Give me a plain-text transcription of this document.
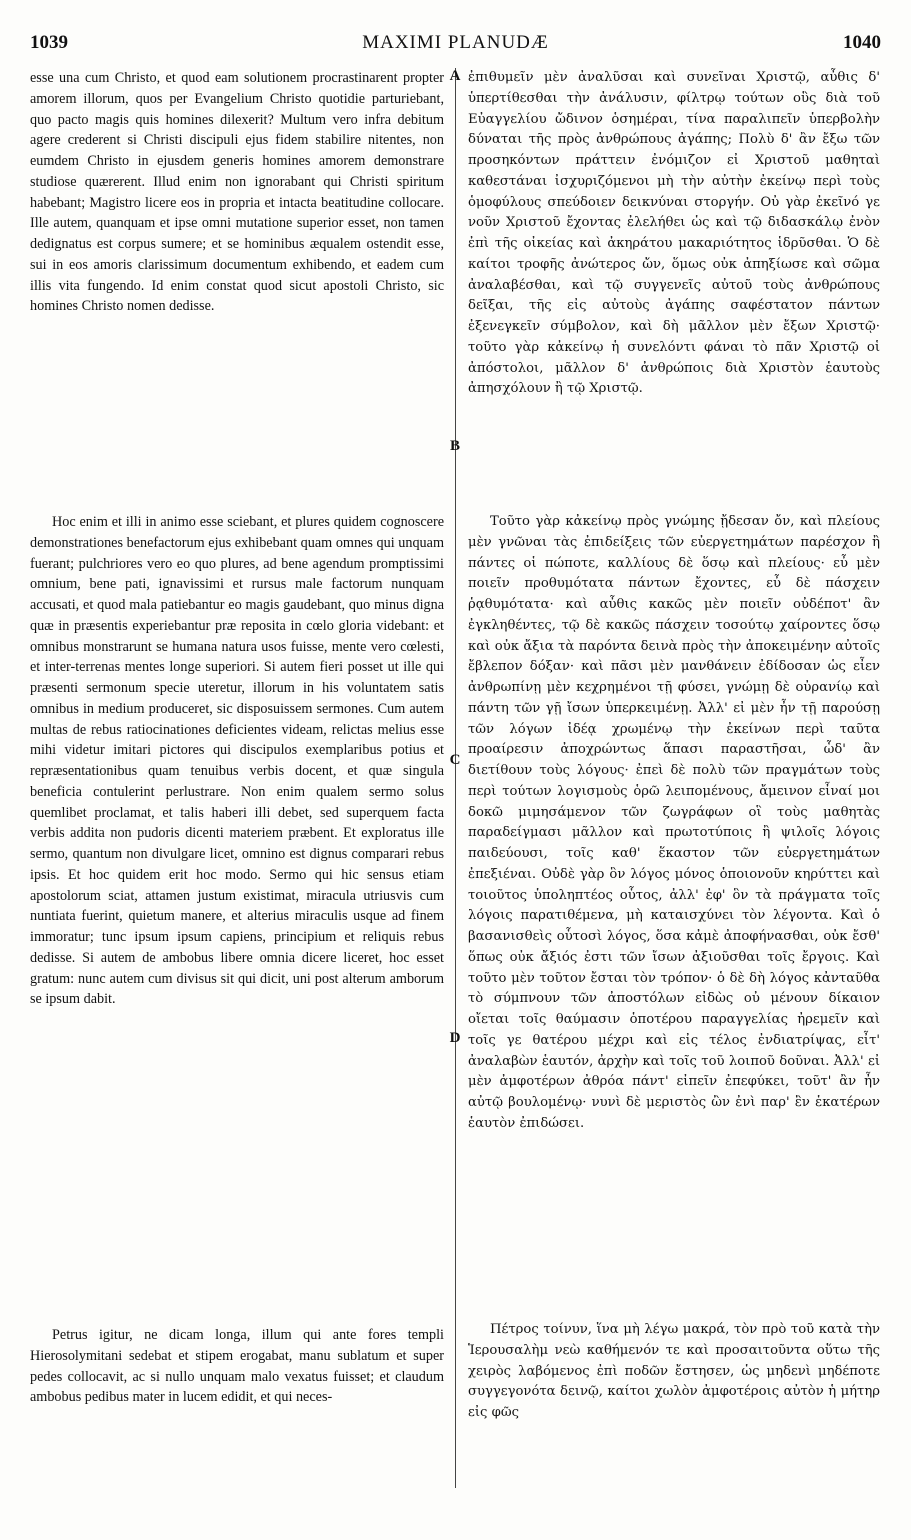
1039	MAXIMI PLANUDÆ	1040

esse una cum Christo, et quod eam solutionem procrastinarent propter amorem illorum, quos per Evangelium Christo quotidie parturiebant, quo pacto magis quis homines dilexerit? Multum vero infra debitum agere crederent si Christi discipuli ejus fidem stabilire nitentes, non eumdem Christo in ejusdem generis homines amorem demonstrare studiose quærerent. Illud enim non ignorabant qui Christi spiritum habebant; Magistro licere eos in propria et intacta beatitudine collocare. Ille autem, quanquam et ipse omni mutatione superior esset, non tamen dedignatus est corpus sumere; et se hominibus æqualem ostendit esse, sui in eos amoris clarissimum documentum exhibendo, et eadem cum illis vita fungendo. Id enim constat quod sicut apostoli Christo, sic homines Christo nomen dedisse.

Hoc enim et illi in animo esse sciebant, et plures quidem cognoscere demonstrationes benefactorum ejus exhibebant quam omnes qui unquam fuerant; pulchriores vero eo quo plures, ad bene agendum promptissimi omnium, bene pati, ignavissimi et rursus male factorum nunquam accusati, et quod mala patiebantur eo magis gaudebant, quo minus digna quæ in præsentis experiebantur præ reposita in cœlo gloria videbant: et omnibus monstrarunt se humana natura usos fuisse, mente vero cœlesti, et inter-terrenas mentes longe superiori. Si autem fieri posset ut ille qui præsenti sermonum specie uteretur, illorum in his voluntatem satis omnibus in medium produceret, sic disposuissem sermones. Cum autem multas de rebus ratiocinationes deficientes videam, relictas melius esse mihi videtur imitari pictores qui discipulos exemplaribus potius et repræsentationibus quam tenuibus verbis docent, et quæ singula beneficia contulerint perlustrare. Non enim qualem sermo solus quemlibet proclamat, et talis haberi illi debet, sed superquem facta verbis addita non pudoris dicenti materiem præbent. Et exploratus ille sermo, quantum non divulgare licet, omnino est dignus comparari rebus ipsis. Et hoc quidem erit hoc modo. Sermo qui hic sensus etiam apostolorum sciat, attamen justum existimat, miracula utriusvis cum nuntiata fuerint, quietum manere, et alterius miraculis usque ad finem immoratur; tunc ipsum ipsum capiens, principium et reliquis rebus dedisse. Si autem de ambobus libere omnia dicere liceret, hoc esset gratum: nunc autem cum divisus sit qui dicit, uni post alterum amborum se ipsum dabit.

Petrus igitur, ne dicam longa, illum qui ante fores templi Hierosolymitani sedebat et stipem erogabat, manu sublatum et super pedes collocavit, ac si nullo unquam malo vexatus fuisset; et claudum ambobus pedibus mater in lucem edidit, et qui neces-

A
B
C
D

ἐπιθυμεῖν μὲν ἀναλῦσαι καὶ συνεῖναι Χριστῷ, αὖθις δ' ὑπερτίθεσθαι τὴν ἀνάλυσιν, φίλτρῳ τούτων οὓς διὰ τοῦ Εὐαγγελίου ὤδινον ὁσημέραι, τίνα παραλιπεῖν ὑπερβολὴν δύναται τῆς πρὸς ἀνθρώπους ἀγάπης; Πολὺ δ' ἂν ἔξω τῶν προσηκόντων πράττειν ἐνόμιζον εἰ Χριστοῦ μαθηταὶ καθεστάναι ἰσχυριζόμενοι μὴ τὴν αὐτὴν ἐκείνῳ περὶ τοὺς ὁμοφύλους σπεύδοιεν δεικνύναι στοργήν. Οὐ γὰρ ἐκεῖνό γε νοῦν Χριστοῦ ἔχοντας ἐλελήθει ὡς καὶ τῷ διδασκάλῳ ἐνὸν ἐπὶ τῆς οἰκείας καὶ ἀκηράτου μακαριότητος ἱδρῦσθαι. Ὁ δὲ καίτοι τροφῆς ἀνώτερος ὤν, ὅμως οὐκ ἀπηξίωσε καὶ σῶμα ἀναλαβέσθαι, καὶ τῷ συγγενεῖς αὐτοῦ τοὺς ἀνθρώπους δεῖξαι, τῆς εἰς αὐτοὺς ἀγάπης σαφέστατον πάντων ἐξενεγκεῖν σύμβολον, καὶ δὴ μᾶλλον μὲν ἔξων Χριστῷ· τοῦτο γὰρ κἀκείνῳ ἡ συνελόντι φάναι τὸ πᾶν Χριστῷ οἱ ἀπόστολοι, μᾶλλον δ' ἀνθρώποις διὰ Χριστὸν ἑαυτοὺς ἀπησχόλουν ἢ τῷ Χριστῷ.

Τοῦτο γὰρ κἀκείνῳ πρὸς γνώμης ᾔδεσαν ὄν, καὶ πλείους μὲν γνῶναι τὰς ἐπιδείξεις τῶν εὐεργετημάτων παρέσχον ἢ πάντες οἱ πώποτε, καλλίους δὲ ὅσῳ καὶ πλείους· εὖ μὲν ποιεῖν προθυμότατα πάντων ἔχοντες, εὖ δὲ πάσχειν ῥᾳθυμότατα· καὶ αὖθις κακῶς μὲν ποιεῖν οὐδέποτ' ἂν ἐγκληθέντες, τῷ δὲ κακῶς πάσχειν τοσούτῳ χαίροντες ὅσῳ καὶ οὐκ ἄξια τὰ παρόντα δεινὰ πρὸς τὴν ἀποκειμένην αὐτοῖς ἔβλεπον δόξαν· καὶ πᾶσι μὲν μανθάνειν ἐδίδοσαν ὡς εἶεν ἀνθρωπίνῃ μὲν κεχρημένοι τῇ φύσει, γνώμῃ δὲ οὐρανίῳ καὶ πάντη τῶν γῇ ἴσων ὑπερκειμένῃ. Ἀλλ' εἰ μὲν ἦν τῇ παρούσῃ τῶν λόγων ἰδέᾳ χρωμένῳ τὴν ἐκείνων περὶ ταῦτα προαίρεσιν ἀποχρώντως ἅπασι παραστῆσαι, ὧδ' ἂν διετίθουν τοὺς λόγους· ἐπεὶ δὲ πολὺ τῶν πραγμάτων τοὺς περὶ τούτων λογισμοὺς ὁρῶ λειπομένους, ἄμεινον εἶναί μοι δοκῶ μιμησάμενον τῶν ζωγράφων οἳ τοὺς μαθητὰς παραδείγμασι μᾶλλον καὶ πρωτοτύποις ἢ ψιλοῖς λόγοις παιδεύουσι, τοῖς καθ' ἕκαστον τῶν εὐεργετημάτων ἐπεξιέναι. Οὐδὲ γὰρ ὃν λόγος μόνος ὁποιονοῦν κηρύττει καὶ τοιοῦτος ὑποληπτέος οὗτος, ἀλλ' ἐφ' ὃν τὰ πράγματα τοῖς λόγοις παρατιθέμενα, μὴ καταισχύνει τὸν λέγοντα. Καὶ ὁ βασανισθεὶς οὗτοσὶ λόγος, ὅσα κἀμὲ ἀποφήνασθαι, οὐκ ἔσθ' ὅπως οὐκ ἄξιός ἐστι τῶν ἴσων ἀξιοῦσθαι τοῖς ἔργοις. Καὶ τοῦτο μὲν τοῦτον ἔσται τὸν τρόπον· ὁ δὲ δὴ λόγος κἀνταῦθα τὸ σύμπνουν τῶν ἀποστόλων εἰδὼς οὐ μένουν δίκαιον οἴεται τοῖς θαύμασιν ὁποτέρου παραγγελίας ἠρεμεῖν καὶ τοῖς γε θατέρου μέχρι καὶ εἰς τέλος ἐνδιατρίψας, εἶτ' ἀναλαβὼν ἑαυτόν, ἀρχὴν καὶ τοῖς τοῦ λοιποῦ δοῦναι. Ἀλλ' εἰ μὲν ἀμφοτέρων ἀθρόα πάντ' εἰπεῖν ἐπεφύκει, τοῦτ' ἂν ἦν αὐτῷ βουλομένῳ· νυνὶ δὲ μεριστὸς ὢν ἐνὶ παρ' ἓν ἑκατέρων ἑαυτὸν ἐπιδώσει.

Πέτρος τοίνυν, ἵνα μὴ λέγω μακρά, τὸν πρὸ τοῦ κατὰ τὴν Ἱερουσαλὴμ νεὼ καθήμενόν τε καὶ προσαιτοῦντα οὕτω τῆς χειρὸς λαβόμενος ἐπὶ ποδῶν ἔστησεν, ὡς μηδενὶ μηδέποτε συγγεγονότα δεινῷ, καίτοι χωλὸν ἀμφοτέροις αὐτὸν ἡ μήτηρ εἰς φῶς
